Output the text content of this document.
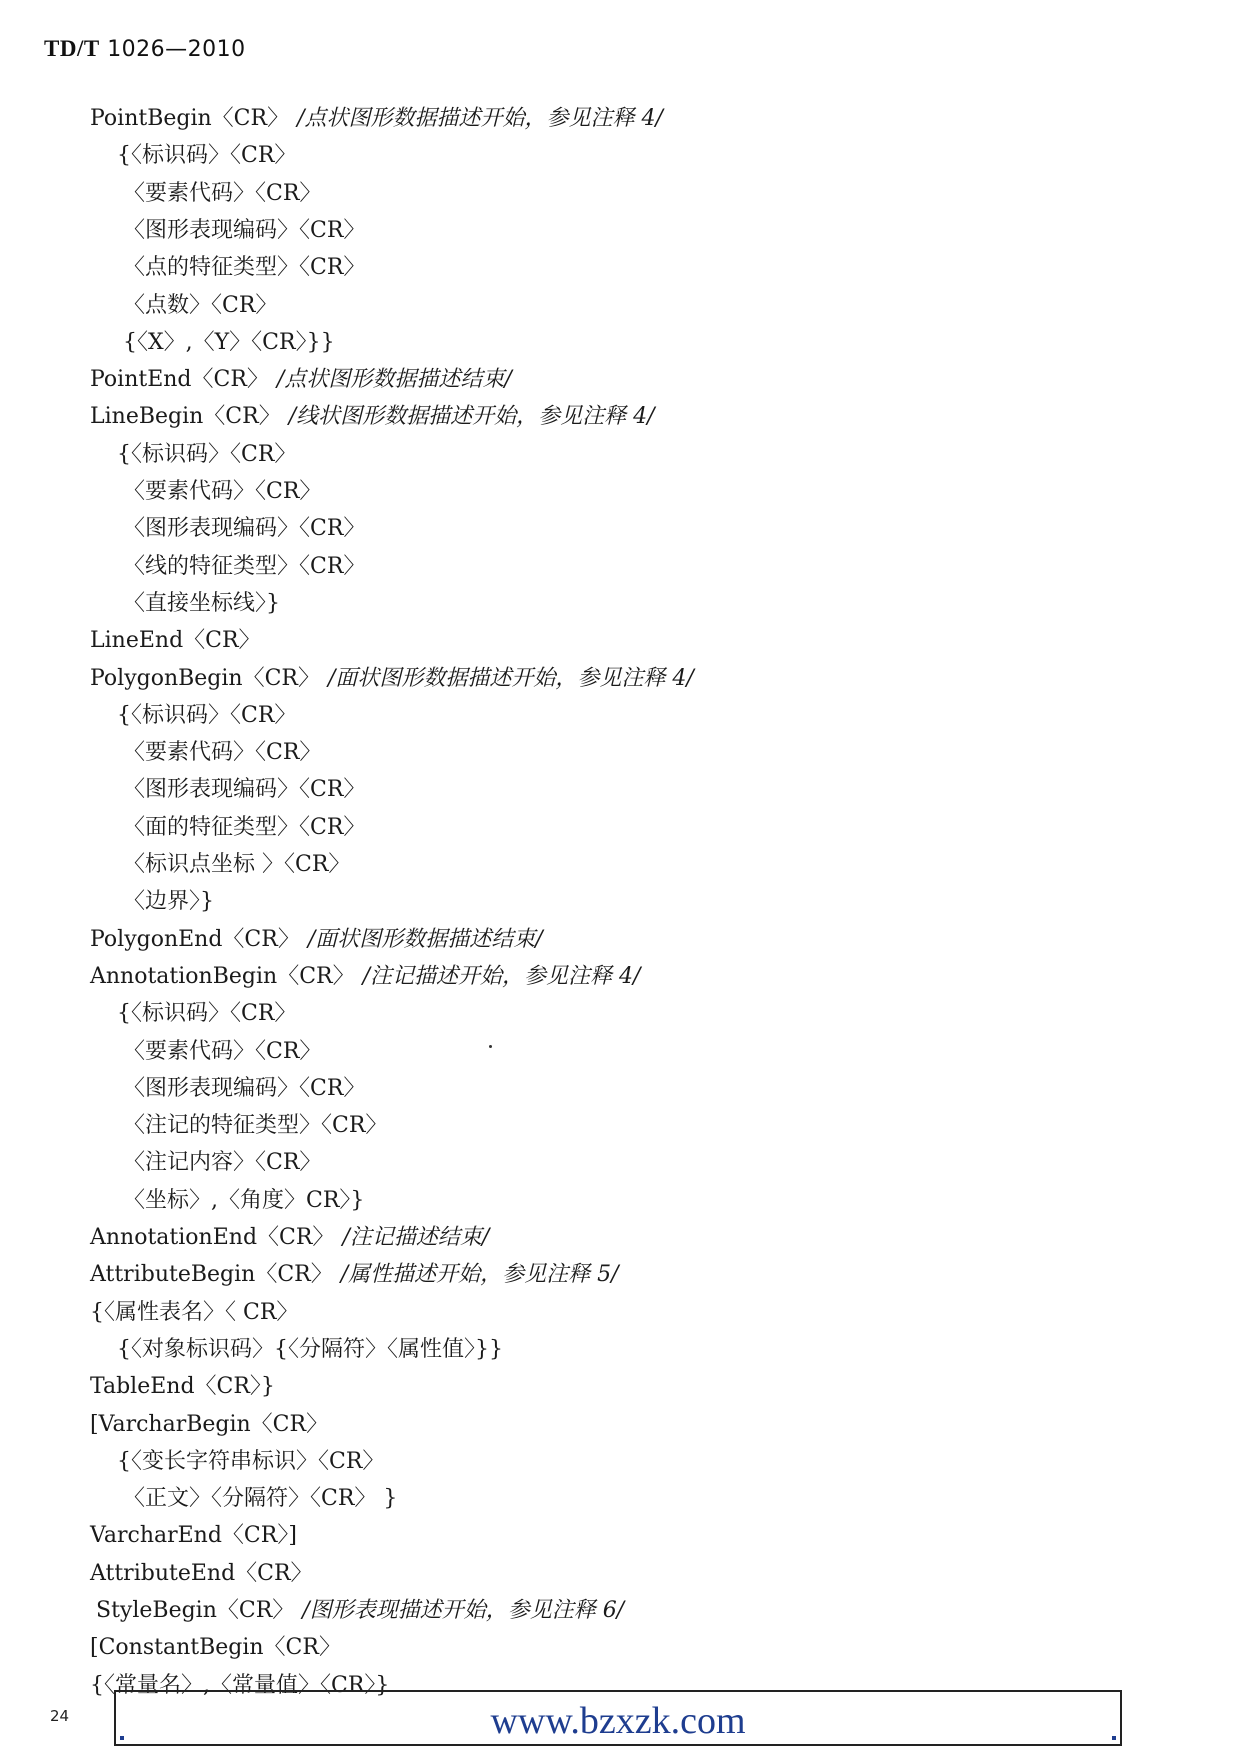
TD/T 1026—2010
PointBegin〈CR〉 /点状图形数据描述开始，参见注释 4/
{〈标识码〉〈CR〉
〈要素代码〉〈CR〉
〈图形表现编码〉〈CR〉
〈点的特征类型〉〈CR〉
〈点数〉〈CR〉
{〈X〉,〈Y〉〈CR〉}}
PointEnd〈CR〉 /点状图形数据描述结束/
LineBegin〈CR〉 /线状图形数据描述开始，参见注释 4/
{〈标识码〉〈CR〉
〈要素代码〉〈CR〉
〈图形表现编码〉〈CR〉
〈线的特征类型〉〈CR〉
〈直接坐标线〉}
LineEnd〈CR〉
PolygonBegin〈CR〉 /面状图形数据描述开始，参见注释 4/
{〈标识码〉〈CR〉
〈要素代码〉〈CR〉
〈图形表现编码〉〈CR〉
〈面的特征类型〉〈CR〉
〈标识点坐标 〉〈CR〉
〈边界〉}
PolygonEnd〈CR〉 /面状图形数据描述结束/
AnnotationBegin〈CR〉 /注记描述开始，参见注释 4/
{〈标识码〉〈CR〉
〈要素代码〉〈CR〉
〈图形表现编码〉〈CR〉
〈注记的特征类型〉〈CR〉
〈注记内容〉〈CR〉
〈坐标〉,〈角度〉CR〉}
AnnotationEnd〈CR〉 /注记描述结束/
AttributeBegin〈CR〉 /属性描述开始，参见注释 5/
{〈属性表名〉〈 CR〉
{〈对象标识码〉{〈分隔符〉〈属性值〉}}
TableEnd〈CR〉}
[VarcharBegin〈CR〉
{〈变长字符串标识〉〈CR〉
〈正文〉〈分隔符〉〈CR〉 }
VarcharEnd〈CR〉]
AttributeEnd〈CR〉
StyleBegin〈CR〉 /图形表现描述开始，参见注释 6/
[ConstantBegin〈CR〉
{〈常量名〉,〈常量值〉〈CR〉}
24	www.bzxzk.com
